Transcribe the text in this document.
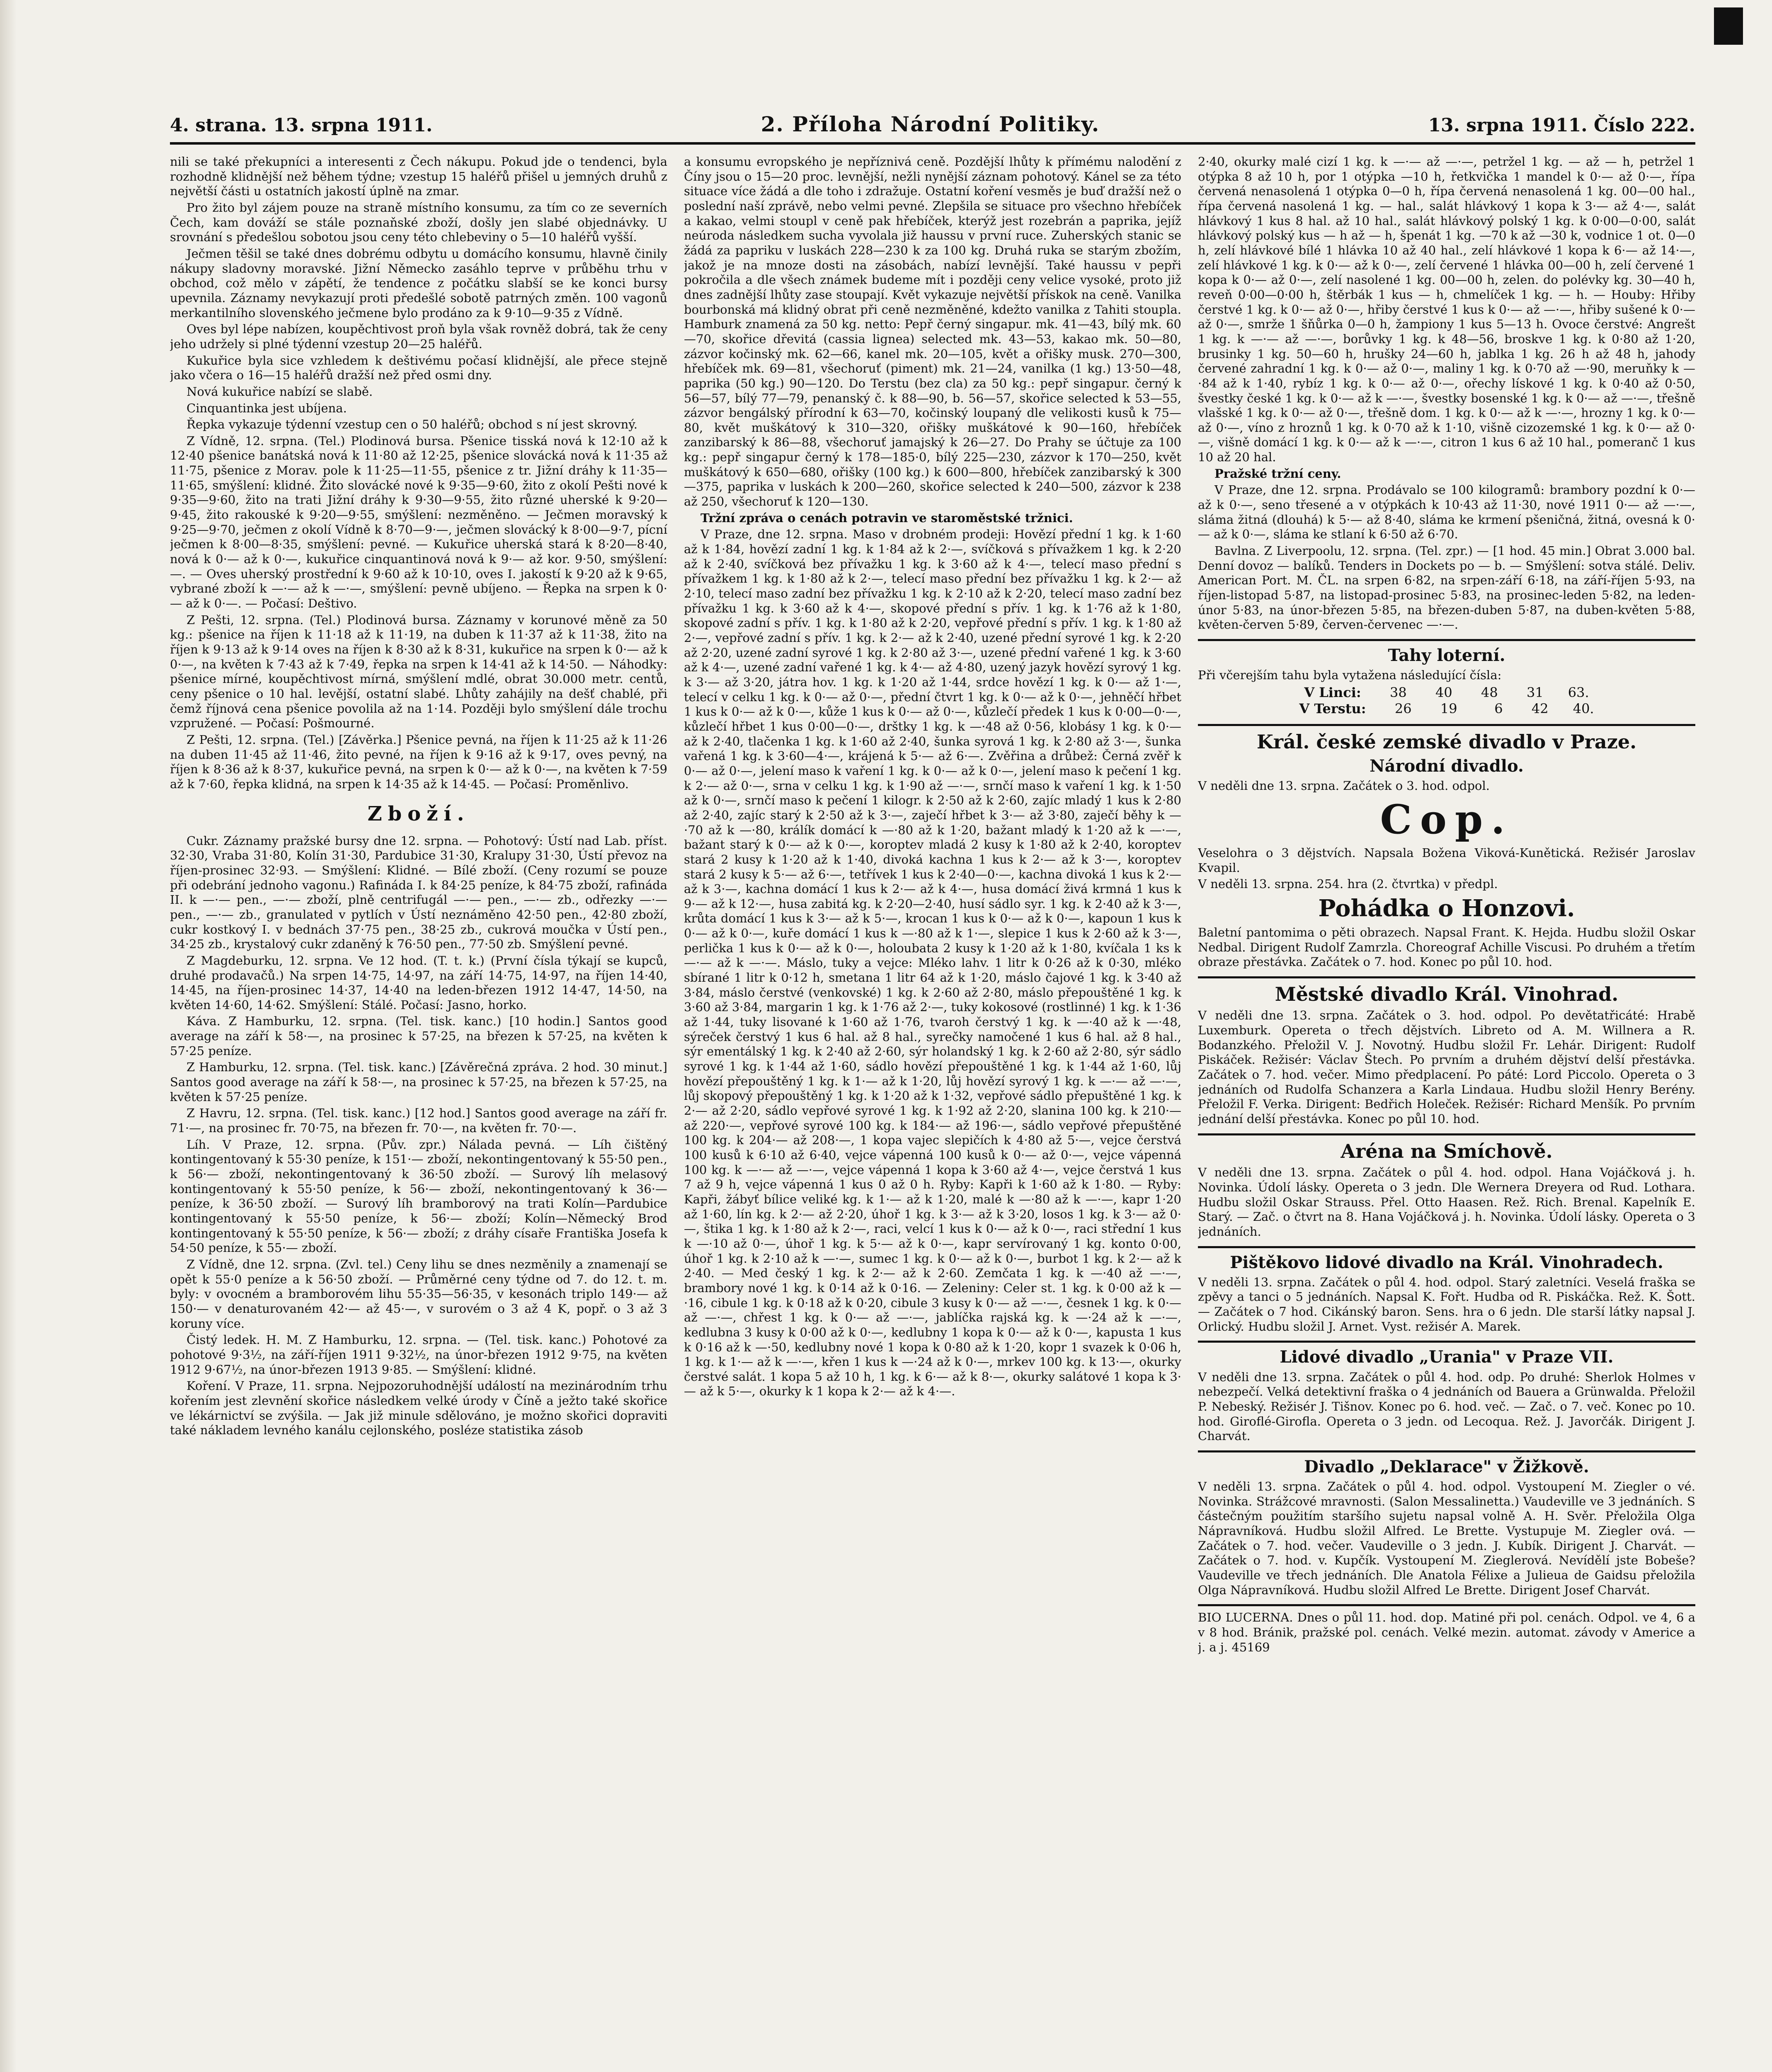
4. strana. 13. srpna 1911.	2. Příloha Národní Politiky.	13. srpna 1911. Číslo 222.

nili se také překupníci a interesenti z Čech nákupu. Pokud jde o tendenci, byla rozhodně klidnější než během týdne; vzestup 15 haléřů přišel u jemných druhů z největší části u ostatních jakostí úplně na zmar.

Pro žito byl zájem pouze na straně místního konsumu, za tím co ze severních Čech, kam dováží se stále poznaňské zboží, došly jen slabé objednávky. U srovnání s předešlou sobotou jsou ceny této chlebeviny o 5—10 haléřů vyšší.

Ječmen těšil se také dnes dobrému odbytu u domácího konsumu, hlavně činily nákupy sladovny moravské. Jižní Německo zasáhlo teprve v průběhu trhu v obchod, což mělo v zápětí, že tendence z počátku slabší se ke konci bursy upevnila. Záznamy nevykazují proti předešlé sobotě patrných změn. 100 vagonů merkantilního slovenského ječmene bylo prodáno za k 9·10—9·35 z Vídně.

Oves byl lépe nabízen, koupěchtivost proň byla však rovněž dobrá, tak že ceny jeho udržely si plné týdenní vzestup 20—25 haléřů.

Kukuřice byla sice vzhledem k deštivému počasí klidnější, ale přece stejně jako včera o 16—15 haléřů dražší než před osmi dny.

Nová kukuřice nabízí se slabě.

Cinquantinka jest ubíjena.

Řepka vykazuje týdenní vzestup cen o 50 haléřů; obchod s ní jest skrovný.

Z Vídně, 12. srpna. (Tel.) Plodinová bursa. Pšenice tisská nová k 12·10 až k 12·40 pšenice banátská nová k 11·80 až 12·25, pšenice slovácká nová k 11·35 až 11·75, pšenice z Morav. pole k 11·25—11·55, pšenice z tr. Jižní dráhy k 11·35—11·65, smýšlení: klidné. Žito slovácké nové k 9·35—9·60, žito z okolí Pešti nové k 9·35—9·60, žito na trati Jižní dráhy k 9·30—9·55, žito různé uherské k 9·20—9·45, žito rakouské k 9·20—9·55, smýšlení: nezměněno. — Ječmen moravský k 9·25—9·70, ječmen z okolí Vídně k 8·70—9·—, ječmen slovácký k 8·00—9·7, pícní ječmen k 8·00—8·35, smýšlení: pevné. — Kukuřice uherská stará k 8·20—8·40, nová k 0·— až k 0·—, kukuřice cinquantinová nová k 9·— až kor. 9·50, smýšlení: —. — Oves uherský prostřední k 9·60 až k 10·10, oves I. jakostí k 9·20 až k 9·65, vybrané zboží k —·— až k —·—, smýšlení: pevně ubíjeno. — Řepka na srpen k 0·— až k 0·—. — Počasí: Deštivo.

Z Pešti, 12. srpna. (Tel.) Plodinová bursa. Záznamy v korunové měně za 50 kg.: pšenice na říjen k 11·18 až k 11·19, na duben k 11·37 až k 11·38, žito na říjen k 9·13 až k 9·14 oves na říjen k 8·30 až k 8·31, kukuřice na srpen k 0·— až k 0·—, na květen k 7·43 až k 7·49, řepka na srpen k 14·41 až k 14·50. — Náhodky: pšenice mírné, koupěchtivost mírná, smýšlení mdlé, obrat 30.000 metr. centů, ceny pšenice o 10 hal. levější, ostatní slabé. Lhůty zahájily na dešť chablé, při čemž říjnová cena pšenice povolila až na 1·14. Později bylo smýšlení dále trochu vzpružené. — Počasí: Pošmourné.

Z Pešti, 12. srpna. (Tel.) [Závěrka.] Pšenice pevná, na říjen k 11·25 až k 11·26 na duben 11·45 až 11·46, žito pevné, na říjen k 9·16 až k 9·17, oves pevný, na říjen k 8·36 až k 8·37, kukuřice pevná, na srpen k 0·— až k 0·—, na květen k 7·59 až k 7·60, řepka klidná, na srpen k 14·35 až k 14·45. — Počasí: Proměnlivo.

Zboží.

Cukr. Záznamy pražské bursy dne 12. srpna. — Pohotový: Ústí nad Lab. příst. 32·30, Vraba 31·80, Kolín 31·30, Pardubice 31·30, Kralupy 31·30, Ústí převoz na říjen-prosinec 32·93. — Smýšlení: Klidné. — Bílé zboží. (Ceny rozumí se pouze při odebrání jednoho vagonu.) Rafináda I. k 84·25 peníze, k 84·75 zboží, rafináda II. k —·— pen., —·— zboží, plně centrifugál —·— pen., —·— zb., odřezky —·— pen., —·— zb., granulated v pytlích v Ústí neznáměno 42·50 pen., 42·80 zboží, cukr kostkový I. v bednách 37·75 pen., 38·25 zb., cukrová moučka v Ústí pen., 34·25 zb., krystalový cukr zdaněný k 76·50 pen., 77·50 zb. Smýšlení pevné.

Z Magdeburku, 12. srpna. Ve 12 hod. (T. t. k.) (První čísla týkají se kupců, druhé prodavačů.) Na srpen 14·75, 14·97, na září 14·75, 14·97, na říjen 14·40, 14·45, na říjen-prosinec 14·37, 14·40 na leden-březen 1912 14·47, 14·50, na květen 14·60, 14·62. Smýšlení: Stálé. Počasí: Jasno, horko.

Káva. Z Hamburku, 12. srpna. (Tel. tisk. kanc.) [10 hodin.] Santos good average na září k 58·—, na prosinec k 57·25, na březen k 57·25, na květen k 57·25 peníze.

Z Hamburku, 12. srpna. (Tel. tisk. kanc.) [Závěrečná zpráva. 2 hod. 30 minut.] Santos good average na září k 58·—, na prosinec k 57·25, na březen k 57·25, na květen k 57·25 peníze.

Z Havru, 12. srpna. (Tel. tisk. kanc.) [12 hod.] Santos good average na září fr. 71·—, na prosinec fr. 70·75, na březen fr. 70·—, na květen fr. 70·—.

Líh. V Praze, 12. srpna. (Pův. zpr.) Nálada pevná. — Líh čištěný kontingentovaný k 55·30 peníze, k 151·— zboží, nekontingentovaný k 55·50 pen., k 56·— zboží, nekontingentovaný k 36·50 zboží. — Surový líh melasový kontingentovaný k 55·50 peníze, k 56·— zboží, nekontingentovaný k 36·— peníze, k 36·50 zboží. — Surový líh bramborový na trati Kolín—Pardubice kontingentovaný k 55·50 peníze, k 56·— zboží; Kolín—Německý Brod kontingentovaný k 55·50 peníze, k 56·— zboží; z dráhy císaře Františka Josefa k 54·50 peníze, k 55·— zboží.

Z Vídně, dne 12. srpna. (Zvl. tel.) Ceny lihu se dnes nezměnily a znamenají se opět k 55·0 peníze a k 56·50 zboží. — Průměrné ceny týdne od 7. do 12. t. m. byly: v ovocném a bramborovém lihu 55·35—56·35, v kesonách triplo 149·— až 150·— v denaturovaném 42·— až 45·—, v surovém o 3 až 4 K, popř. o 3 až 3 koruny více.

Čistý ledek. H. M. Z Hamburku, 12. srpna. — (Tel. tisk. kanc.) Pohotové za pohotové 9·3½, na září-říjen 1911 9·32½, na únor-březen 1912 9·75, na květen 1912 9·67½, na únor-březen 1913 9·85. — Smýšlení: klidné.

Koření. V Praze, 11. srpna. Nejpozoruhodnější událostí na mezinárodním trhu kořením jest zlevnění skořice následkem velké úrody v Číně a ježto také skořice ve lékárnictví se zvýšila. — Jak již minule sdělováno, je možno skořici dopraviti také nákladem levného kanálu cejlonského, posléze statistika zásob

a konsumu evropského je nepříznivá ceně. Pozdější lhůty k přímému nalodění z Číny jsou o 15—20 proc. levnější, nežli nynější záznam pohotový. Kánel se za této situace více žádá a dle toho i zdražuje. Ostatní koření vesměs je buď dražší než o poslední naší zprávě, nebo velmi pevné. Zlepšila se situace pro všechno hřebíček a kakao, velmi stoupl v ceně pak hřebíček, kterýž jest rozebrán a paprika, jejíž neúroda následkem sucha vyvolala již haussu v první ruce. Zuherských stanic se žádá za papriku v luskách 228—230 k za 100 kg. Druhá ruka se starým zbožím, jakož je na mnoze dosti na zásobách, nabízí levnější. Také haussu v pepři pokročila a dle všech známek budeme mít i později ceny velice vysoké, proto již dnes zadnější lhůty zase stoupají. Květ vykazuje největší přískok na ceně. Vanilka bourbonská má klidný obrat při ceně nezměněné, kdežto vanilka z Tahiti stoupla. Hamburk znamená za 50 kg. netto: Pepř černý singapur. mk. 41—43, bílý mk. 60—70, skořice dřevitá (cassia lignea) selected mk. 43—53, kakao mk. 50—80, zázvor kočinský mk. 62—66, kanel mk. 20—105, květ a ořišky musk. 270—300, hřebíček mk. 69—81, všechoruť (piment) mk. 21—24, vanilka (1 kg.) 13·50—48, paprika (50 kg.) 90—120. Do Terstu (bez cla) za 50 kg.: pepř singapur. černý k 56—57, bílý 77—79, penanský č. k 88—90, b. 56—57, skořice selected k 53—55, zázvor bengálský přírodní k 63—70, kočinský loupaný dle velikosti kusů k 75—80, květ muškátový k 310—320, ořišky muškátové k 90—160, hřebíček zanzibarský k 86—88, všechoruť jamajský k 26—27. Do Prahy se účtuje za 100 kg.: pepř singapur černý k 178—185·0, bílý 225—230, zázvor k 170—250, květ muškátový k 650—680, ořišky (100 kg.) k 600—800, hřebíček zanzibarský k 300—375, paprika v luskách k 200—260, skořice selected k 240—500, zázvor k 238 až 250, všechoruť k 120—130.

Tržní zpráva o cenách potravin ve staroměstské tržnici.

V Praze, dne 12. srpna. Maso v drobném prodeji: Hovězí přední 1 kg. k 1·60 až k 1·84, hovězí zadní 1 kg. k 1·84 až k 2·—, svíčková s přívažkem 1 kg. k 2·20 až k 2·40, svíčková bez přívažku 1 kg. k 3·60 až k 4·—, telecí maso přední s přívažkem 1 kg. k 1·80 až k 2·—, telecí maso přední bez přívažku 1 kg. k 2·— až 2·10, telecí maso zadní bez přívažku 1 kg. k 2·10 až k 2·20, telecí maso zadní bez přívažku 1 kg. k 3·60 až k 4·—, skopové přední s přív. 1 kg. k 1·76 až k 1·80, skopové zadní s přív. 1 kg. k 1·80 až k 2·20, vepřové přední s přív. 1 kg. k 1·80 až 2·—, vepřové zadní s přív. 1 kg. k 2·— až k 2·40, uzené přední syrové 1 kg. k 2·20 až 2·20, uzené zadní syrové 1 kg. k 2·80 až 3·—, uzené přední vařené 1 kg. k 3·60 až k 4·—, uzené zadní vařené 1 kg. k 4·— až 4·80, uzený jazyk hovězí syrový 1 kg. k 3·— až 3·20, játra hov. 1 kg. k 1·20 až 1·44, srdce hovězí 1 kg. k 0·— až 1·—, telecí v celku 1 kg. k 0·— až 0·—, přední čtvrt 1 kg. k 0·— až k 0·—, jehněčí hřbet 1 kus k 0·— až k 0·—, kůže 1 kus k 0·— až 0·—, kůzlečí předek 1 kus k 0·00—0·—, kůzlečí hřbet 1 kus 0·00—0·—, drštky 1 kg. k —·48 až 0·56, klobásy 1 kg. k 0·— až k 2·40, tlačenka 1 kg. k 1·60 až 2·40, šunka syrová 1 kg. k 2·80 až 3·—, šunka vařená 1 kg. k 3·60—4·—, krájená k 5·— až 6·—. Zvěřina a drůbež: Černá zvěř k 0·— až 0·—, jelení maso k vaření 1 kg. k 0·— až k 0·—, jelení maso k pečení 1 kg. k 2·— až 0·—, srna v celku 1 kg. k 1·90 až —·—, srnčí maso k vaření 1 kg. k 1·50 až k 0·—, srnčí maso k pečení 1 kilogr. k 2·50 až k 2·60, zajíc mladý 1 kus k 2·80 až 2·40, zajíc starý k 2·50 až k 3·—, zaječí hřbet k 3·— až 3·80, zaječí běhy k —·70 až k —·80, králík domácí k —·80 až k 1·20, bažant mladý k 1·20 až k —·—, bažant starý k 0·— až k 0·—, koroptev mladá 2 kusy k 1·80 až k 2·40, koroptev stará 2 kusy k 1·20 až k 1·40, divoká kachna 1 kus k 2·— až k 3·—, koroptev stará 2 kusy k 5·— až 6·—, tetřívek 1 kus k 2·40—0·—, kachna divoká 1 kus k 2·— až k 3·—, kachna domácí 1 kus k 2·— až k 4·—, husa domácí živá krmná 1 kus k 9·— až k 12·—, husa zabitá kg. k 2·20—2·40, husí sádlo syr. 1 kg. k 2·40 až k 3·—, krůta domácí 1 kus k 3·— až k 5·—, krocan 1 kus k 0·— až k 0·—, kapoun 1 kus k 0·— až k 0·—, kuře domácí 1 kus k —·80 až k 1·—, slepice 1 kus k 2·60 až k 3·—, perlička 1 kus k 0·— až k 0·—, holoubata 2 kusy k 1·20 až k 1·80, kvíčala 1 ks k —·— až k —·—. Máslo, tuky a vejce: Mléko lahv. 1 litr k 0·26 až k 0·30, mléko sbírané 1 litr k 0·12 h, smetana 1 litr 64 až k 1·20, máslo čajové 1 kg. k 3·40 až 3·84, máslo čerstvé (venkovské) 1 kg. k 2·60 až 2·80, máslo přepouštěné 1 kg. k 3·60 až 3·84, margarin 1 kg. k 1·76 až 2·—, tuky kokosové (rostlinné) 1 kg. k 1·36 až 1·44, tuky lisované k 1·60 až 1·76, tvaroh čerstvý 1 kg. k —·40 až k —·48, sýreček čerstvý 1 kus 6 hal. až 8 hal., syrečky namočené 1 kus 6 hal. až 8 hal., sýr ementálský 1 kg. k 2·40 až 2·60, sýr holandský 1 kg. k 2·60 až 2·80, sýr sádlo syrové 1 kg. k 1·44 až 1·60, sádlo hovězí přepouštěné 1 kg. k 1·44 až 1·60, lůj hovězí přepouštěný 1 kg. k 1·— až k 1·20, lůj hovězí syrový 1 kg. k —·— až —·—, lůj skopový přepouštěný 1 kg. k 1·20 až k 1·32, vepřové sádlo přepuštěné 1 kg. k 2·— až 2·20, sádlo vepřové syrové 1 kg. k 1·92 až 2·20, slanina 100 kg. k 210·— až 220·—, vepřové syrové 100 kg. k 184·— až 196·—, sádlo vepřové přepuštěné 100 kg. k 204·— až 208·—, 1 kopa vajec slepičích k 4·80 až 5·—, vejce čerstvá 100 kusů k 6·10 až 6·40, vejce vápenná 100 kusů k 0·— až 0·—, vejce vápenná 100 kg. k —·— až —·—, vejce vápenná 1 kopa k 3·60 až 4·—, vejce čerstvá 1 kus 7 až 9 h, vejce vápenná 1 kus 0 až 0 h. Ryby: Kapři k 1·60 až k 1·80. — Ryby: Kapři, žábyť bílice veliké kg. k 1·— až k 1·20, malé k —·80 až k —·—, kapr 1·20 až 1·60, lín kg. k 2·— až 2·20, úhoř 1 kg. k 3·— až k 3·20, losos 1 kg. k 3·— až 0·—, štika 1 kg. k 1·80 až k 2·—, raci, velcí 1 kus k 0·— až k 0·—, raci střední 1 kus k —·10 až 0·—, úhoř 1 kg. k 5·— až k 0·—, kapr servírovaný 1 kg. konto 0·00, úhoř 1 kg. k 2·10 až k —·—, sumec 1 kg. k 0·— až k 0·—, burbot 1 kg. k 2·— až k 2·40. — Med český 1 kg. k 2·— až k 2·60. Zemčata 1 kg. k —·40 až —·—, brambory nové 1 kg. k 0·14 až k 0·16. — Zeleniny: Celer st. 1 kg. k 0·00 až k —·16, cibule 1 kg. k 0·18 až k 0·20, cibule 3 kusy k 0·— až —·—, česnek 1 kg. k 0·— až —·—, chřest 1 kg. k 0·— až —·—, jablíčka rajská kg. k —·24 až k —·—, kedlubna 3 kusy k 0·00 až k 0·—, kedlubny 1 kopa k 0·— až k 0·—, kapusta 1 kus k 0·16 až k —·50, kedlubny nové 1 kopa k 0·80 až k 1·20, kopr 1 svazek k 0·06 h, 1 kg. k 1·— až k —·—, křen 1 kus k —·24 až k 0·—, mrkev 100 kg. k 13·—, okurky čerstvé salát. 1 kopa 5 až 10 h, 1 kg. k 6·— až k 8·—, okurky salátové 1 kopa k 3·— až k 5·—, okurky k 1 kopa k 2·— až k 4·—.

2·40, okurky malé cizí 1 kg. k —·— až —·—, petržel 1 kg. — až — h, petržel 1 otýpka 8 až 10 h, por 1 otýpka —10 h, řetkvička 1 mandel k 0·— až 0·—, řípa červená nenasolená 1 otýpka 0—0 h, řípa červená nenasolená 1 kg. 00—00 hal., řípa červená nasolená 1 kg. — hal., salát hlávkový 1 kopa k 3·— až 4·—, salát hlávkový 1 kus 8 hal. až 10 hal., salát hlávkový polský 1 kg. k 0·00—0·00, salát hlávkový polský kus — h až — h, špenát 1 kg. —70 k až —30 k, vodnice 1 ot. 0—0 h, zelí hlávkové bílé 1 hlávka 10 až 40 hal., zelí hlávkové 1 kopa k 6·— až 14·—, zelí hlávkové 1 kg. k 0·— až k 0·—, zelí červené 1 hlávka 00—00 h, zelí červené 1 kopa k 0·— až 0·—, zelí nasolené 1 kg. 00—00 h, zelen. do polévky kg. 30—40 h, reveň 0·00—0·00 h, štěrbák 1 kus — h, chmelíček 1 kg. — h. — Houby: Hřiby čerstvé 1 kg. k 0·— až 0·—, hřiby čerstvé 1 kus k 0·— až —·—, hřiby sušené k 0·— až 0·—, smrže 1 šňůrka 0—0 h, žampiony 1 kus 5—13 h. Ovoce čerstvé: Angrešt 1 kg. k —·— až —·—, borůvky 1 kg. k 48—56, broskve 1 kg. k 0·80 až 1·20, brusinky 1 kg. 50—60 h, hrušky 24—60 h, jablka 1 kg. 26 h až 48 h, jahody červené zahradní 1 kg. k 0·— až 0·—, maliny 1 kg. k 0·70 až —·90, meruňky k —·84 až k 1·40, rybíz 1 kg. k 0·— až 0·—, ořechy lískové 1 kg. k 0·40 až 0·50, švestky české 1 kg. k 0·— až k —·—, švestky bosenské 1 kg. k 0·— až —·—, třešně vlašské 1 kg. k 0·— až 0·—, třešně dom. 1 kg. k 0·— až k —·—, hrozny 1 kg. k 0·— až 0·—, víno z hroznů 1 kg. k 0·70 až k 1·10, višně cizozemské 1 kg. k 0·— až 0·—, višně domácí 1 kg. k 0·— až k —·—, citron 1 kus 6 až 10 hal., pomeranč 1 kus 10 až 20 hal.

Pražské tržní ceny.

V Praze, dne 12. srpna. Prodávalo se 100 kilogramů: brambory pozdní k 0·— až k 0·—, seno třesené a v otýpkách k 10·43 až 11·30, nové 1911 0·— až —·—, sláma žitná (dlouhá) k 5·— až 8·40, sláma ke krmení pšeničná, žitná, ovesná k 0·— až k 0·—, sláma ke stlaní k 6·50 až 6·70.

Bavlna. Z Liverpoolu, 12. srpna. (Tel. zpr.) — [1 hod. 45 min.] Obrat 3.000 bal. Denní dovoz — balíků. Tenders in Dockets po — b. — Smýšlení: sotva stálé. Deliv. American Port. M. ČL. na srpen 6·82, na srpen-září 6·18, na září-říjen 5·93, na říjen-listopad 5·87, na listopad-prosinec 5·83, na prosinec-leden 5·82, na leden-únor 5·83, na únor-březen 5·85, na březen-duben 5·87, na duben-květen 5·88, květen-červen 5·89, červen-červenec —·—.

Tahy loterní.

Při včerejším tahu byla vytažena následující čísla:

V Linci:	38	40	48	31 63.
V Terstu:	26	19	6	42 40.
Král. české zemské divadlo v Praze.
Národní divadlo.

V neděli dne 13. srpna. Začátek o 3. hod. odpol.

Cop.

Veselohra o 3 dějstvích. Napsala Božena Viková-Kunětická. Režisér Jaroslav Kvapil.

V neděli 13. srpna. 254. hra (2. čtvrtka) v předpl.

Pohádka o Honzovi.

Baletní pantomima o pěti obrazech. Napsal Frant. K. Hejda. Hudbu složil Oskar Nedbal. Dirigent Rudolf Zamrzla. Choreograf Achille Viscusi. Po druhém a třetím obraze přestávka. Začátek o 7. hod. Konec po půl 10. hod.

Městské divadlo Král. Vinohrad.

V neděli dne 13. srpna. Začátek o 3. hod. odpol. Po devětatřicáté: Hrabě Luxemburk. Opereta o třech dějstvích. Libreto od A. M. Willnera a R. Bodanzkého. Přeložil V. J. Novotný. Hudbu složil Fr. Lehár. Dirigent: Rudolf Piskáček. Režisér: Václav Štech. Po prvním a druhém dějství delší přestávka. Začátek o 7. hod. večer. Mimo předplacení. Po páté: Lord Piccolo. Opereta o 3 jednáních od Rudolfa Schanzera a Karla Lindaua. Hudbu složil Henry Berény. Přeložil F. Verka. Dirigent: Bedřich Holeček. Režisér: Richard Menšík. Po prvním jednání delší přestávka. Konec po půl 10. hod.

Aréna na Smíchově.

V neděli dne 13. srpna. Začátek o půl 4. hod. odpol. Hana Vojáčková j. h. Novinka. Údolí lásky. Opereta o 3 jedn. Dle Wernera Dreyera od Rud. Lothara. Hudbu složil Oskar Strauss. Přel. Otto Haasen. Rež. Rich. Brenal. Kapelník E. Starý. — Zač. o čtvrt na 8. Hana Vojáčková j. h. Novinka. Údolí lásky. Opereta o 3 jednáních.

Pištěkovo lidové divadlo na Král. Vinohradech.

V neděli 13. srpna. Začátek o půl 4. hod. odpol. Starý zaletníci. Veselá fraška se zpěvy a tanci o 5 jednáních. Napsal K. Fořt. Hudba od R. Piskáčka. Rež. K. Šott. — Začátek o 7 hod. Cikánský baron. Sens. hra o 6 jedn. Dle starší látky napsal J. Orlický. Hudbu složil J. Arnet. Vyst. režisér A. Marek.

Lidové divadlo „Urania" v Praze VII.

V neděli dne 13. srpna. Začátek o půl 4. hod. odp. Po druhé: Sherlok Holmes v nebezpečí. Velká detektivní fraška o 4 jednáních od Bauera a Grünwalda. Přeložil P. Nebeský. Režisér J. Tišnov. Konec po 6. hod. več. — Zač. o 7. več. Konec po 10. hod. Giroflé-Girofla. Opereta o 3 jedn. od Lecoqua. Rež. J. Javorčák. Dirigent J. Charvát.

Divadlo „Deklarace" v Žižkově.

V neděli 13. srpna. Začátek o půl 4. hod. odpol. Vystoupení M. Ziegler o vé. Novinka. Strážcové mravnosti. (Salon Messalinetta.) Vaudeville ve 3 jednáních. S částečným použitím staršího sujetu napsal volně A. H. Svěr. Přeložila Olga Nápravníková. Hudbu složil Alfred. Le Brette. Vystupuje M. Ziegler ová. — Začátek o 7. hod. večer. Vaudeville o 3 jedn. J. Kubík. Dirigent J. Charvát. — Začátek o 7. hod. v. Kupčík. Vystoupení M. Zieglerová. Nevídělí jste Bobeše? Vaudeville ve třech jednáních. Dle Anatola Félixe a Julieua de Gaidsu přeložila Olga Nápravníková. Hudbu složil Alfred Le Brette. Dirigent Josef Charvát.

BIO LUCERNA. Dnes o půl 11. hod. dop. Matiné při pol. cenách. Odpol. ve 4, 6 a v 8 hod. Bránik, pražské pol. cenách. Velké mezin. automat. závody v Americe a j. a j. 45169
